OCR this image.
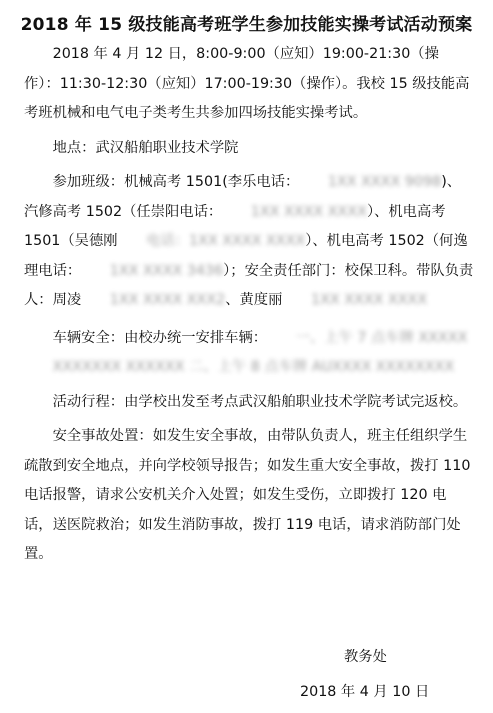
2018 年 15 级技能高考班学生参加技能实操考试活动预案

2018 年 4 月 12 日，8:00-9:00（应知）19:00-21:30（操作）：11:30-12:30（应知）17:00-19:30（操作）。我校 15 级技能高考班机械和电气电子类考生共参加四场技能实操考试。

地点：武汉船舶职业技术学院

参加班级：机械高考 1501(李乐电话： 1XX XXXX 9098)、汽修高考 1502（任崇阳电话： 1XX XXXX XXXX）、机电高考 1501（吴德刚 电话：1XX XXXX XXXX）、机电高考 1502（何逸理电话： 1XX XXXX 3436）；安全责任部门：校保卫科。带队负责人：周凌 1XX XXXX XXX2、黄度丽 1XX XXXX XXXX

车辆安全：由校办统一安排车辆： 一、上午 7 点车牌 XXXXX
XXXXXXX XXXXXX 二、上午 8 点车牌 AUXXXX XXXXXXXX

活动行程：由学校出发至考点武汉船舶职业技术学院考试完返校。

安全事故处置：如发生安全事故，由带队负责人，班主任组织学生疏散到安全地点，并向学校领导报告；如发生重大安全事故，拨打 110 电话报警，请求公安机关介入处置；如发生受伤，立即拨打 120 电话，送医院救治；如发生消防事故，拨打 119 电话，请求消防部门处置。

教务处
2018 年 4 月 10 日
